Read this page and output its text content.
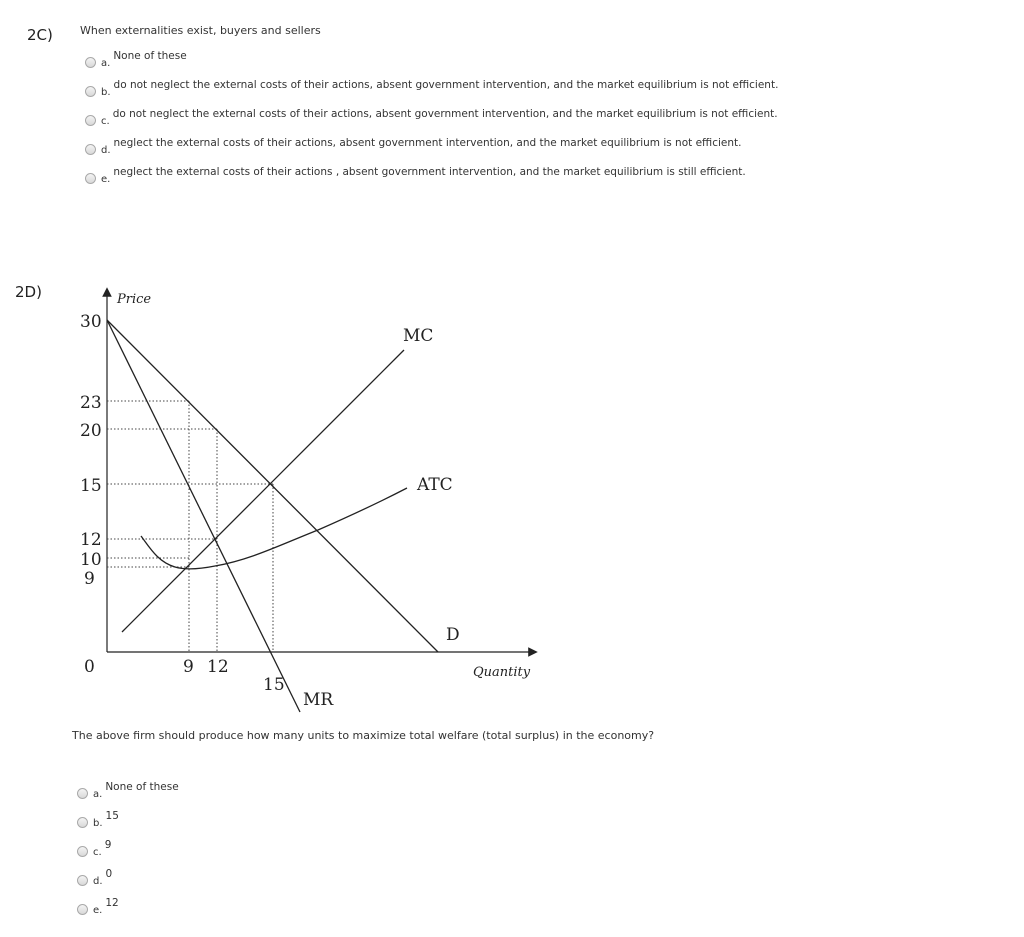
2C) When externalities exist, buyers and sellers
a.
None of these
b.
do not neglect the external costs of their actions, absent government intervention, and the market equilibrium is not efficient.
c.
do not neglect the external costs of their actions, absent government intervention, and the market equilibrium is not efficient.
d.
neglect the external costs of their actions, absent government intervention, and the market equilibrium is not efficient.
e.
neglect the external costs of their actions , absent government intervention, and the market equilibrium is still efficient.
2D)	Price
Quantity
30
23
20
15
12
10
9
0	9 12
15
MC
ATC
D
MR
The above firm should produce how many units to maximize total welfare (total surplus) in the economy?
a.
None of these
b.
15
c.
9
d.
0
e.
12
